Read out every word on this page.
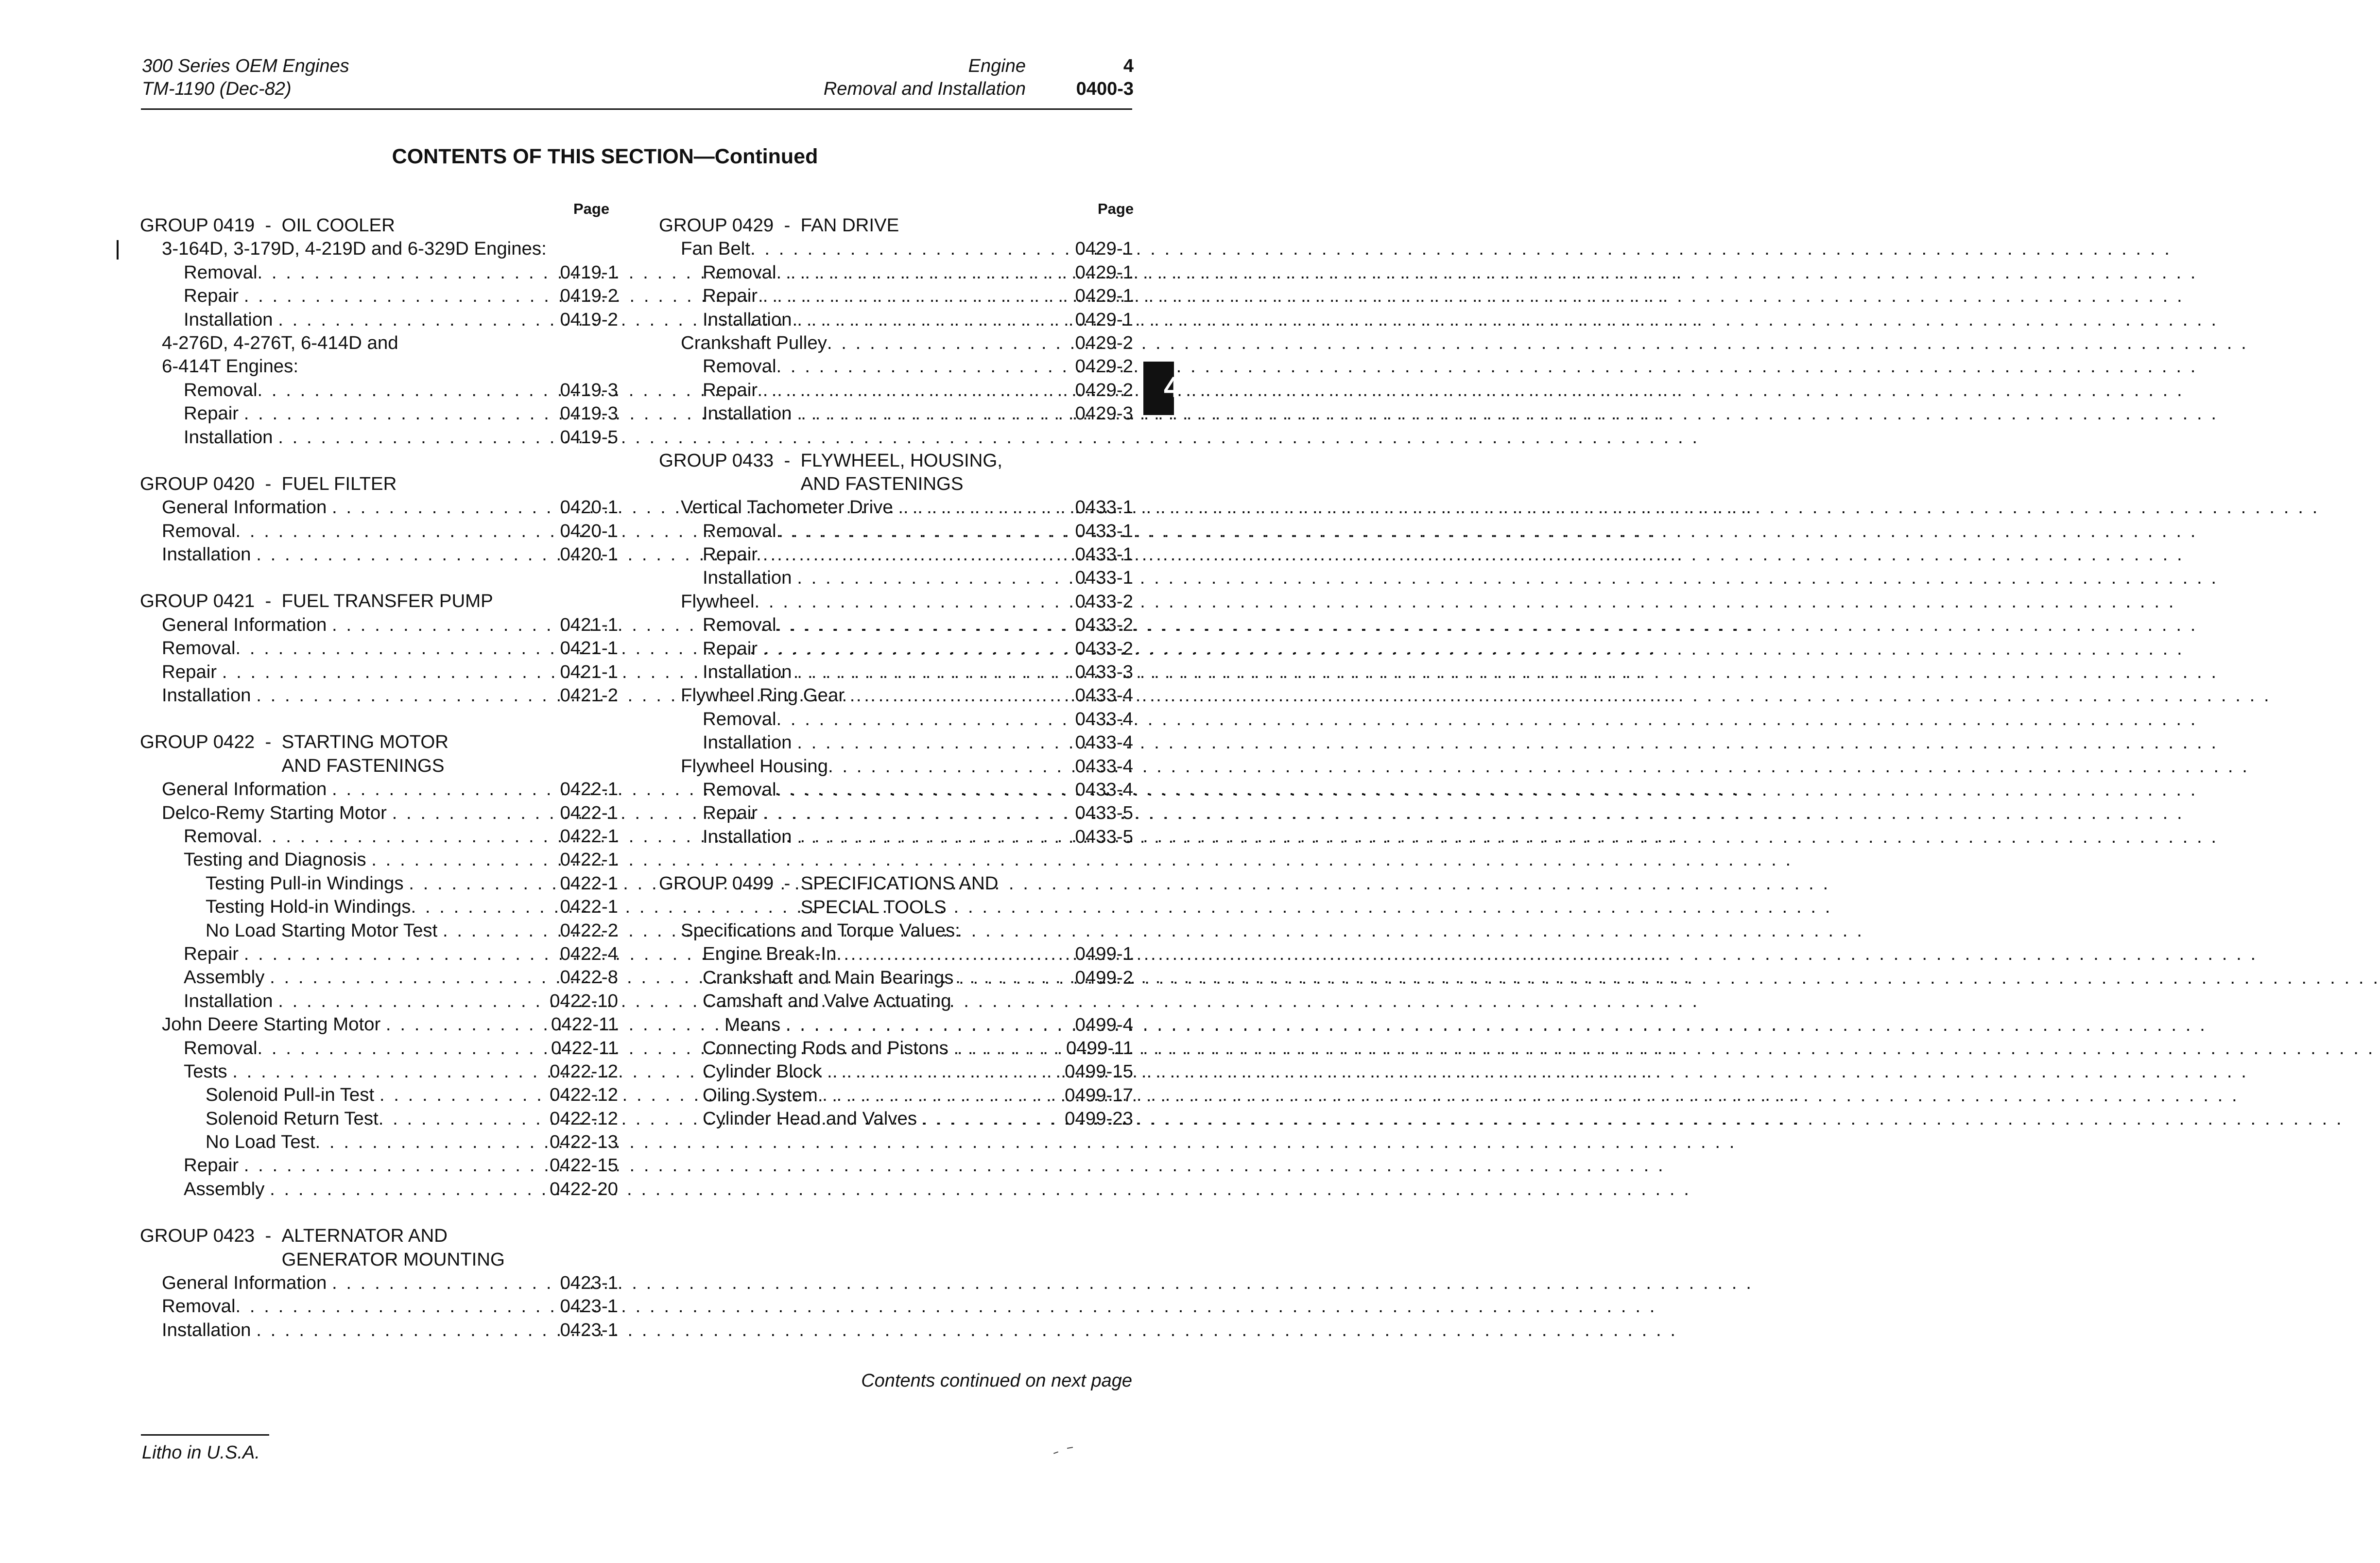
300 Series OEM Engines
TM-1190 (Dec-82)
Engine
Removal and Installation
4
0400-3
CONTENTS OF THIS SECTION—Continued
Page	Page
GROUP 0419  - OIL COOLER
3-164D, 3-179D, 4-219D and 6-329D Engines:
Removal . . .	0419-1
Repair . . .	0419-2
Installation . . .	0419-2
4-276D, 4-276T, 6-414D and
6-414T Engines:
Removal . . .	0419-3
Repair . . .	0419-3
Installation . . .	0419-5
GROUP 0420  - FUEL FILTER
General Information . . .	0420-1
Removal . . .	0420-1
Installation . . .	0420-1
GROUP 0421  - FUEL TRANSFER PUMP
General Information . . .	0421-1
Removal . . .	0421-1
Repair . . .	0421-1
Installation . . .	0421-2
GROUP 0422  - STARTING MOTOR
AND FASTENINGS
General Information . . .	0422-1
Delco-Remy Starting Motor . . .	0422-1
Removal . . .	0422-1
Testing and Diagnosis . . .	0422-1
Testing Pull-in Windings . . .	0422-1
Testing Hold-in Windings . . .	0422-1
No Load Starting Motor Test . . .	0422-2
Repair . . .	0422-4
Assembly . . .	0422-8
Installation . . .	0422-10
John Deere Starting Motor . . .	0422-11
Removal . . .	0422-11
Tests . . .	0422-12
Solenoid Pull-in Test . . .	0422-12
Solenoid Return Test . . .	0422-12
No Load Test . . .	0422-13
Repair . . .	0422-15
Assembly . . .	0422-20
GROUP 0423  - ALTERNATOR AND
GENERATOR MOUNTING
General Information . . .	0423-1
Removal . . .	0423-1
Installation . . .	0423-1
GROUP 0429  - FAN DRIVE
Fan Belt . . .	0429-1
Removal . . .	0429-1
Repair . . .	0429-1
Installation . . .	0429-1
Crankshaft Pulley . . .	0429-2
Removal . . .	0429-2
Repair . . .	0429-2
Installation . . .	0429-3
GROUP 0433  - FLYWHEEL, HOUSING,
AND FASTENINGS
Vertical Tachometer Drive . . .	0433-1
Removal . . .	0433-1
Repair . . .	0433-1
Installation . . .	0433-1
Flywheel . . .	0433-2
Removal . . .	0433-2
Repair . . .	0433-2
Installation . . .	0433-3
Flywheel Ring Gear . . .	0433-4
Removal . . .	0433-4
Installation . . .	0433-4
Flywheel Housing . . .	0433-4
Removal . . .	0433-4
Repair . . .	0433-5
Installation . . .	0433-5
GROUP 0499  - SPECIFICATIONS AND
SPECIAL TOOLS
Specifications and Torque Values:
Engine Break-In . . .	0499-1
Crankshaft and Main Bearings . . .	0499-2
Camshaft and Valve Actuating
Means . . .	0499-4
Connecting Rods and Pistons . . .	0499-11
Cylinder Block . . .	0499-15
Oiling System . . .	0499-17
Cylinder Head and Valves . . .	0499-23
4
Contents continued on next page
Litho in U.S.A.
